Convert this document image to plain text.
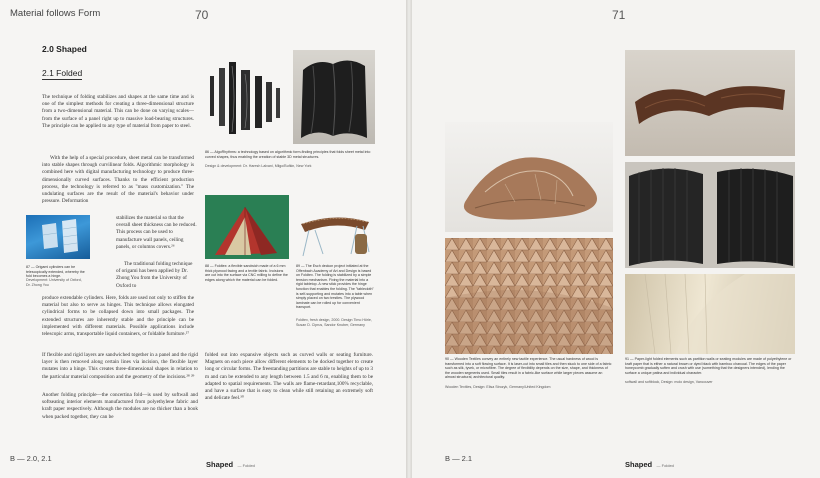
Material follows Form	70
2.0 Shaped
2.1 Folded
The technique of folding stabilizes and shapes at the same time and is one of the simplest methods for creating a three-dimensional structure from a two-dimensional material. This can be done on varying scales—from the surface of a panel right up to massive load-bearing structures. The principle can be applied to any type of material from paper to steel.
With the help of a special procedure, sheet metal can be transformed into stable shapes through curvilinear folds. Algorithmic morphology is combined here with digital manufacturing technology to produce three-dimensionally curved surfaces. Thanks to the efficient production process, the technology is referred to as "mass customization." The undulating surfaces are the result of the material's behavior under pressure. Deformation
stabilizes the material so that the overall sheet thickness can be reduced. This process can be used to manufacture wall panels, ceiling panels, or columns covers.²⁶
87 — Origami cylinders can be telescopically extended, whereby the fold becomes a hinge.
Development: University of Oxford, Dr. Zhong You
The traditional folding technique of origami has been applied by Dr. Zhong You from the University of Oxford to
produce extendable cylinders. Here, folds are used not only to stiffen the material but also to serve as hinges. This technique allows elongated cylindrical forms to be collapsed down into small packages. The extended structures are inherently stable and the principle can be implemented with different materials. Possible applications include telescopic arms, transportable liquid containers, or foldable furniture.²⁷
If flexible and rigid layers are sandwiched together in a panel and the rigid layer is then removed along certain lines via incision, the flexible layer mutates into a hinge. This creates three-dimensional shapes in relation to the particular material composition and the geometry of the incisions.²⁸ ²⁹
Another folding principle—the concertina fold—is used by softwall and softseating interior elements manufactured from polyethylene fabric and kraft paper respectively. Although the modules are no thicker than a book when packed together, they can be
86 — AlgoRhythms: a technology based on algorithmic form-finding principles that folds sheet metal into curved shapes, thus enabling the creation of stable 3D metal structures.
Design & development: Dr. Haresh Lalvani, Milgo/Bufkin, New York
88 — Foldtex: a flexible sandwich made of a 6 mm thick plywood facing and a textile fabric. Incisions are cut into the surface via CNC milling to define the edges along which the material can be folded.
89 — The Esch deckon project initiated at the Offenbach Academy of Art and Design is based on Foldtex. The folding is stabilized by a simple tension mechanism. Fixing the material into a rigid tabletop. A new stick provides the hinge function that enables the folding. The "tablecloth" is self-supporting and mutates into a table when simply placed on two trestles. The plywood laminate can be rolled up for convenient transport.
Foldtex, fresh design, 2000. Design Timo Hörle, Susan D. Ciprus, Sandor Knuber, Germany
folded out into expansive objects such as curved walls or seating furniture. Magnets on each piece allow different elements to be docked together to create long or circular forms. The freestanding partitions are stable to heights of up to 3 m and can be extended to any length between 1.5 and 6 m, enabling them to be adapted to spatial requirements. The walls are flame-retardant,100% recyclable, and have a surface that is easy to clean while still retaining an extremely soft and delicate feel.³⁰
B — 2.0, 2.1
Shaped — Folded
71
90 — Wooden Textiles convey an entirely new tactile experience. The usual hardness of wood is transformed into a soft flowing surface. It is laser-cut into small tiles and then stuck to one side of a fabric such as silk, tyvek, or microfibre. The degree of flexibility depends on the size, shape, and thickness of the wooden segments used. Small tiles result in a fabric-like surface while larger pieces assume an almost structural, architectural quality.
Wooden Textiles, Design: Elisa Strozyk, Germany/United Kingdom
91 — Paper-light folded elements such as partition walls or seating modules are made of polyethylene or kraft paper that is either a natural brown or dyed black with bamboo charcoal. The edges of the paper honeycomb gradually soften and crush with use (something that the designers intended), lending the surface a unique patina and individual character.
softwall and softblock, Design: molo design, Vancouver
B — 2.1
Shaped — Folded
